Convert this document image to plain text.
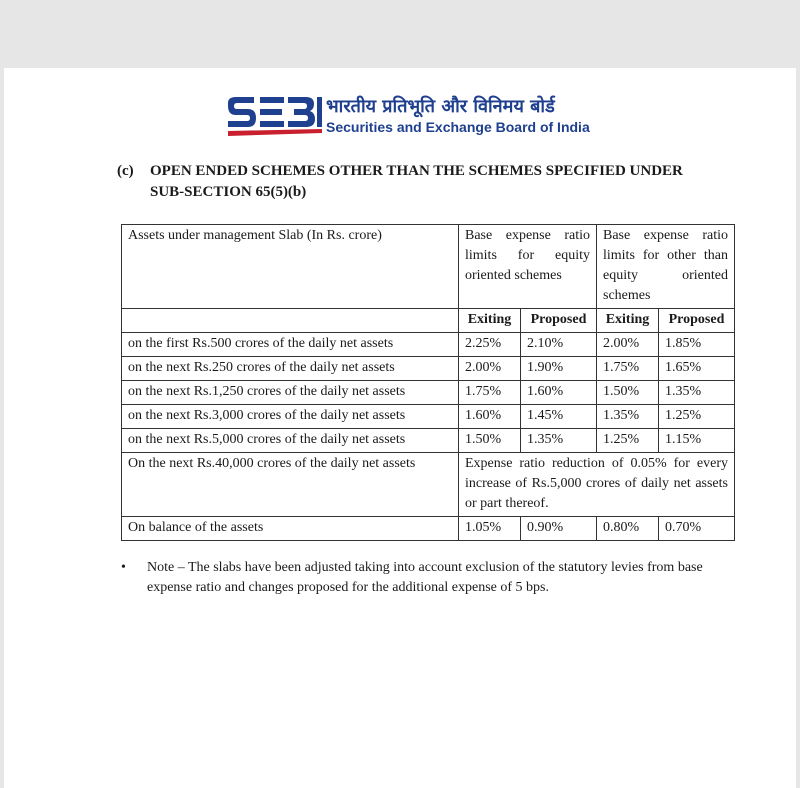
भारतीय प्रतिभूति और विनिमय बोर्ड
Securities and Exchange Board of India
(c) OPEN ENDED SCHEMES OTHER THAN THE SCHEMES SPECIFIED UNDER
SUB-SECTION 65(5)(b)
Assets under management Slab (In Rs. crore)	Base expense ratio limits for equity oriented schemes		Base expense ratio limits for other than equity oriented schemes	
	Exiting	Proposed	Exiting	Proposed
on the first Rs.500 crores of the daily net assets	2.25%	2.10%	2.00%	1.85%
on the next Rs.250 crores of the daily net assets	2.00%	1.90%	1.75%	1.65%
on the next Rs.1,250 crores of the daily net assets	1.75%	1.60%	1.50%	1.35%
on the next Rs.3,000 crores of the daily net assets	1.60%	1.45%	1.35%	1.25%
on the next Rs.5,000 crores of the daily net assets	1.50%	1.35%	1.25%	1.15%
On the next Rs.40,000 crores of the daily net assets	Expense ratio reduction of 0.05% for every increase of Rs.5,000 crores of daily net assets or part thereof.			
On balance of the assets	1.05%	0.90%	0.80%	0.70%
• Note – The slabs have been adjusted taking into account exclusion of the statutory levies from base expense ratio and changes proposed for the additional expense of 5 bps.
